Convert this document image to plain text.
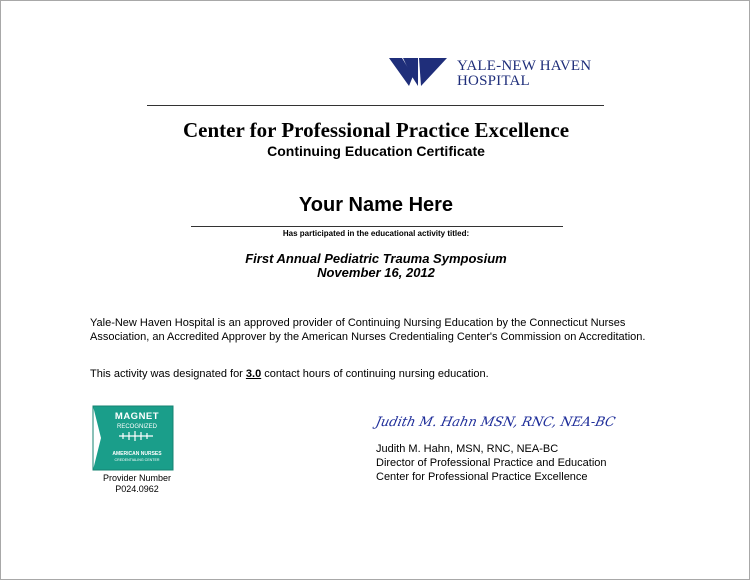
YALE-NEW HAVEN
HOSPITAL
Center for Professional Practice Excellence
Continuing Education Certificate
Your Name Here
Has participated in the educational activity titled:
First Annual Pediatric Trauma Symposium
November 16, 2012
Yale-New Haven Hospital is an approved provider of Continuing Nursing Education by the Connecticut Nurses Association, an Accredited Approver by the American Nurses Credentialing Center's Commission on Accreditation.
This activity was designated for 3.0 contact hours of continuing nursing education.
MAGNET
RECOGNIZED
AMERICAN NURSES
CREDENTIALING CENTER
Provider Number
P024.0962
Judith M. Hahn MSN, RNC, NEA-BC
Judith M. Hahn, MSN, RNC, NEA-BC
Director of Professional Practice and Education
Center for Professional Practice Excellence
